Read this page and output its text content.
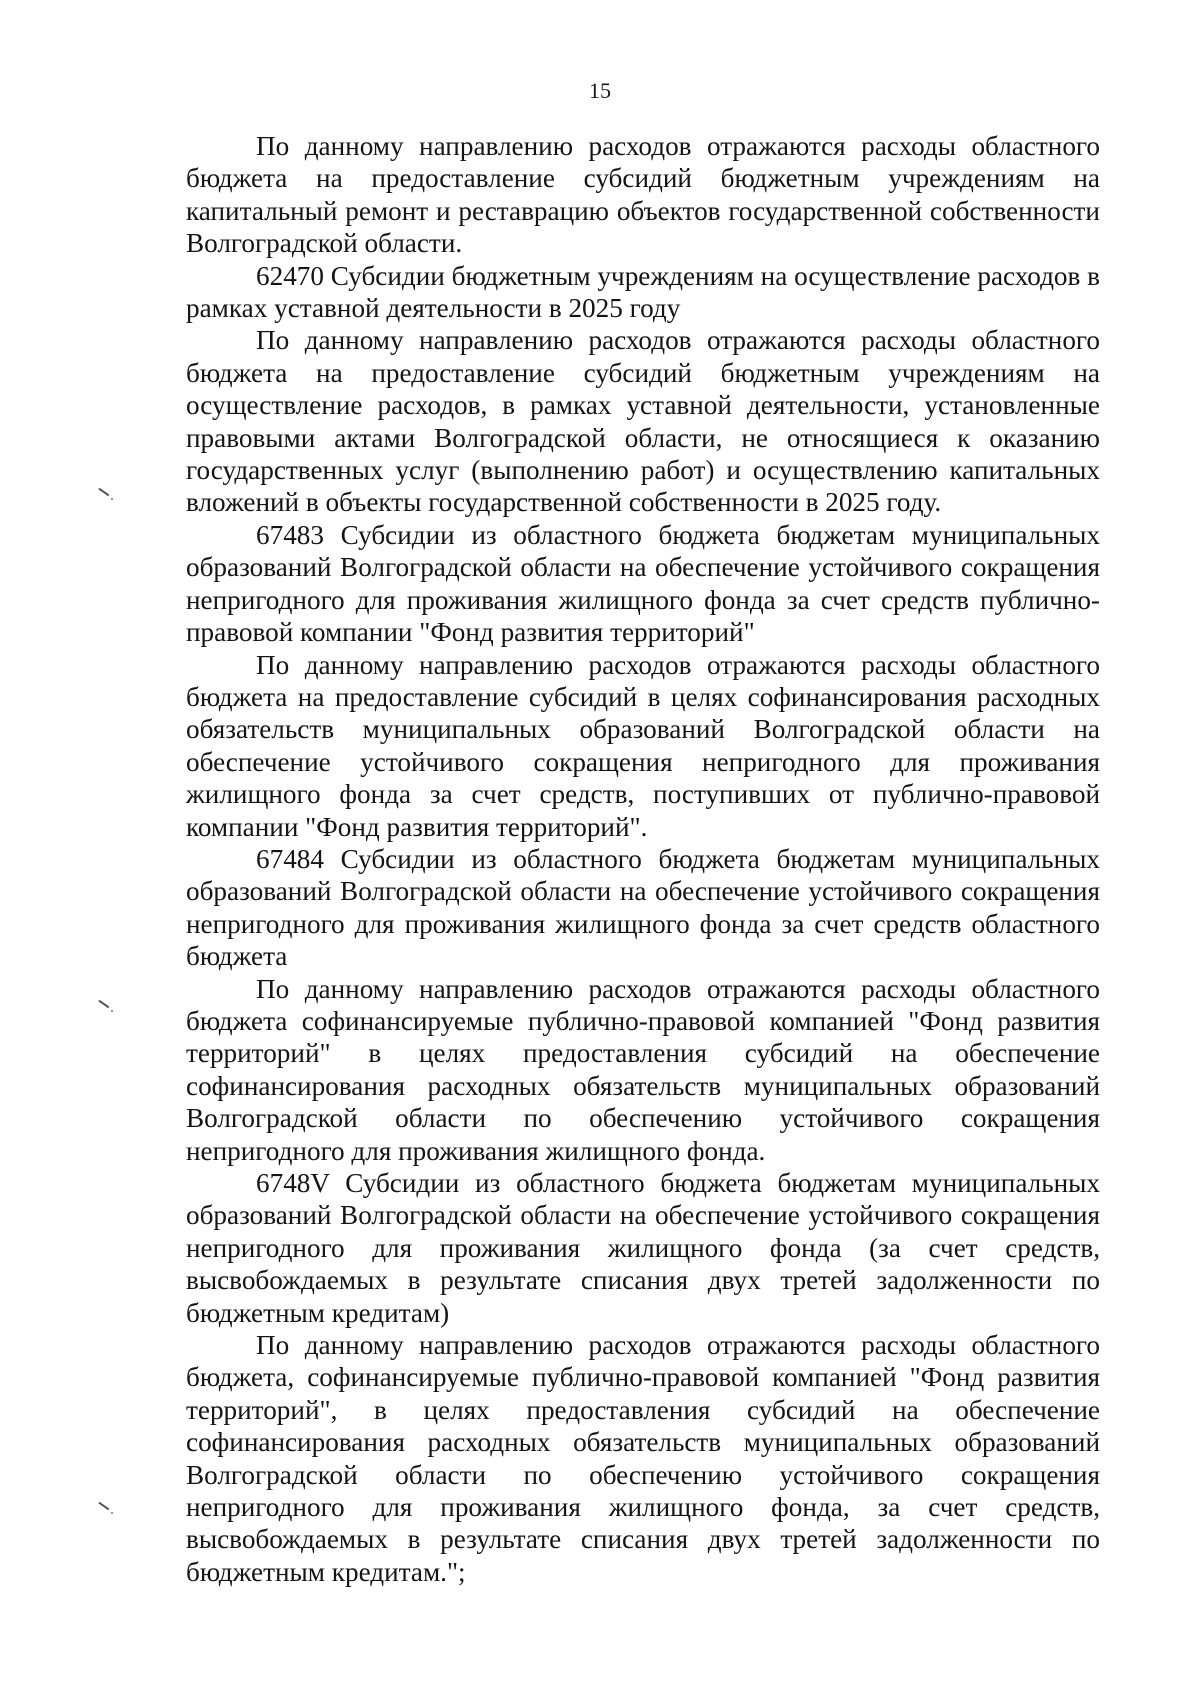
15

По данному направлению расходов отражаются расходы областного бюджета на предоставление субсидий бюджетным учреждениям на капитальный ремонт и реставрацию объектов государственной собственности Волгоградской области.

62470 Субсидии бюджетным учреждениям на осуществление расходов в рамках уставной деятельности в 2025 году

По данному направлению расходов отражаются расходы областного бюджета на предоставление субсидий бюджетным учреждениям на осуществление расходов, в рамках уставной деятельности, установленные правовыми актами Волгоградской области, не относящиеся к оказанию государственных услуг (выполнению работ) и осуществлению капитальных вложений в объекты государственной собственности в 2025 году.

67483 Субсидии из областного бюджета бюджетам муниципальных образований Волгоградской области на обеспечение устойчивого сокращения непригодного для проживания жилищного фонда за счет средств публично-правовой компании "Фонд развития территорий"

По данному направлению расходов отражаются расходы областного бюджета на предоставление субсидий в целях софинансирования расходных обязательств муниципальных образований Волгоградской области на обеспечение устойчивого сокращения непригодного для проживания жилищного фонда за счет средств, поступивших от публично-правовой компании "Фонд развития территорий".

67484 Субсидии из областного бюджета бюджетам муниципальных образований Волгоградской области на обеспечение устойчивого сокращения непригодного для проживания жилищного фонда за счет средств областного бюджета

По данному направлению расходов отражаются расходы областного бюджета софинансируемые публично-правовой компанией "Фонд развития территорий" в целях предоставления субсидий на обеспечение софинансирования расходных обязательств муниципальных образований Волгоградской области по обеспечению устойчивого сокращения непригодного для проживания жилищного фонда.

6748V Субсидии из областного бюджета бюджетам муниципальных образований Волгоградской области на обеспечение устойчивого сокращения непригодного для проживания жилищного фонда (за счет средств, высвобождаемых в результате списания двух третей задолженности по бюджетным кредитам)

По данному направлению расходов отражаются расходы областного бюджета, софинансируемые публично-правовой компанией "Фонд развития территорий", в целях предоставления субсидий на обеспечение софинансирования расходных обязательств муниципальных образований Волгоградской области по обеспечению устойчивого сокращения непригодного для проживания жилищного фонда, за счет средств, высвобождаемых в результате списания двух третей задолженности по бюджетным кредитам.";
